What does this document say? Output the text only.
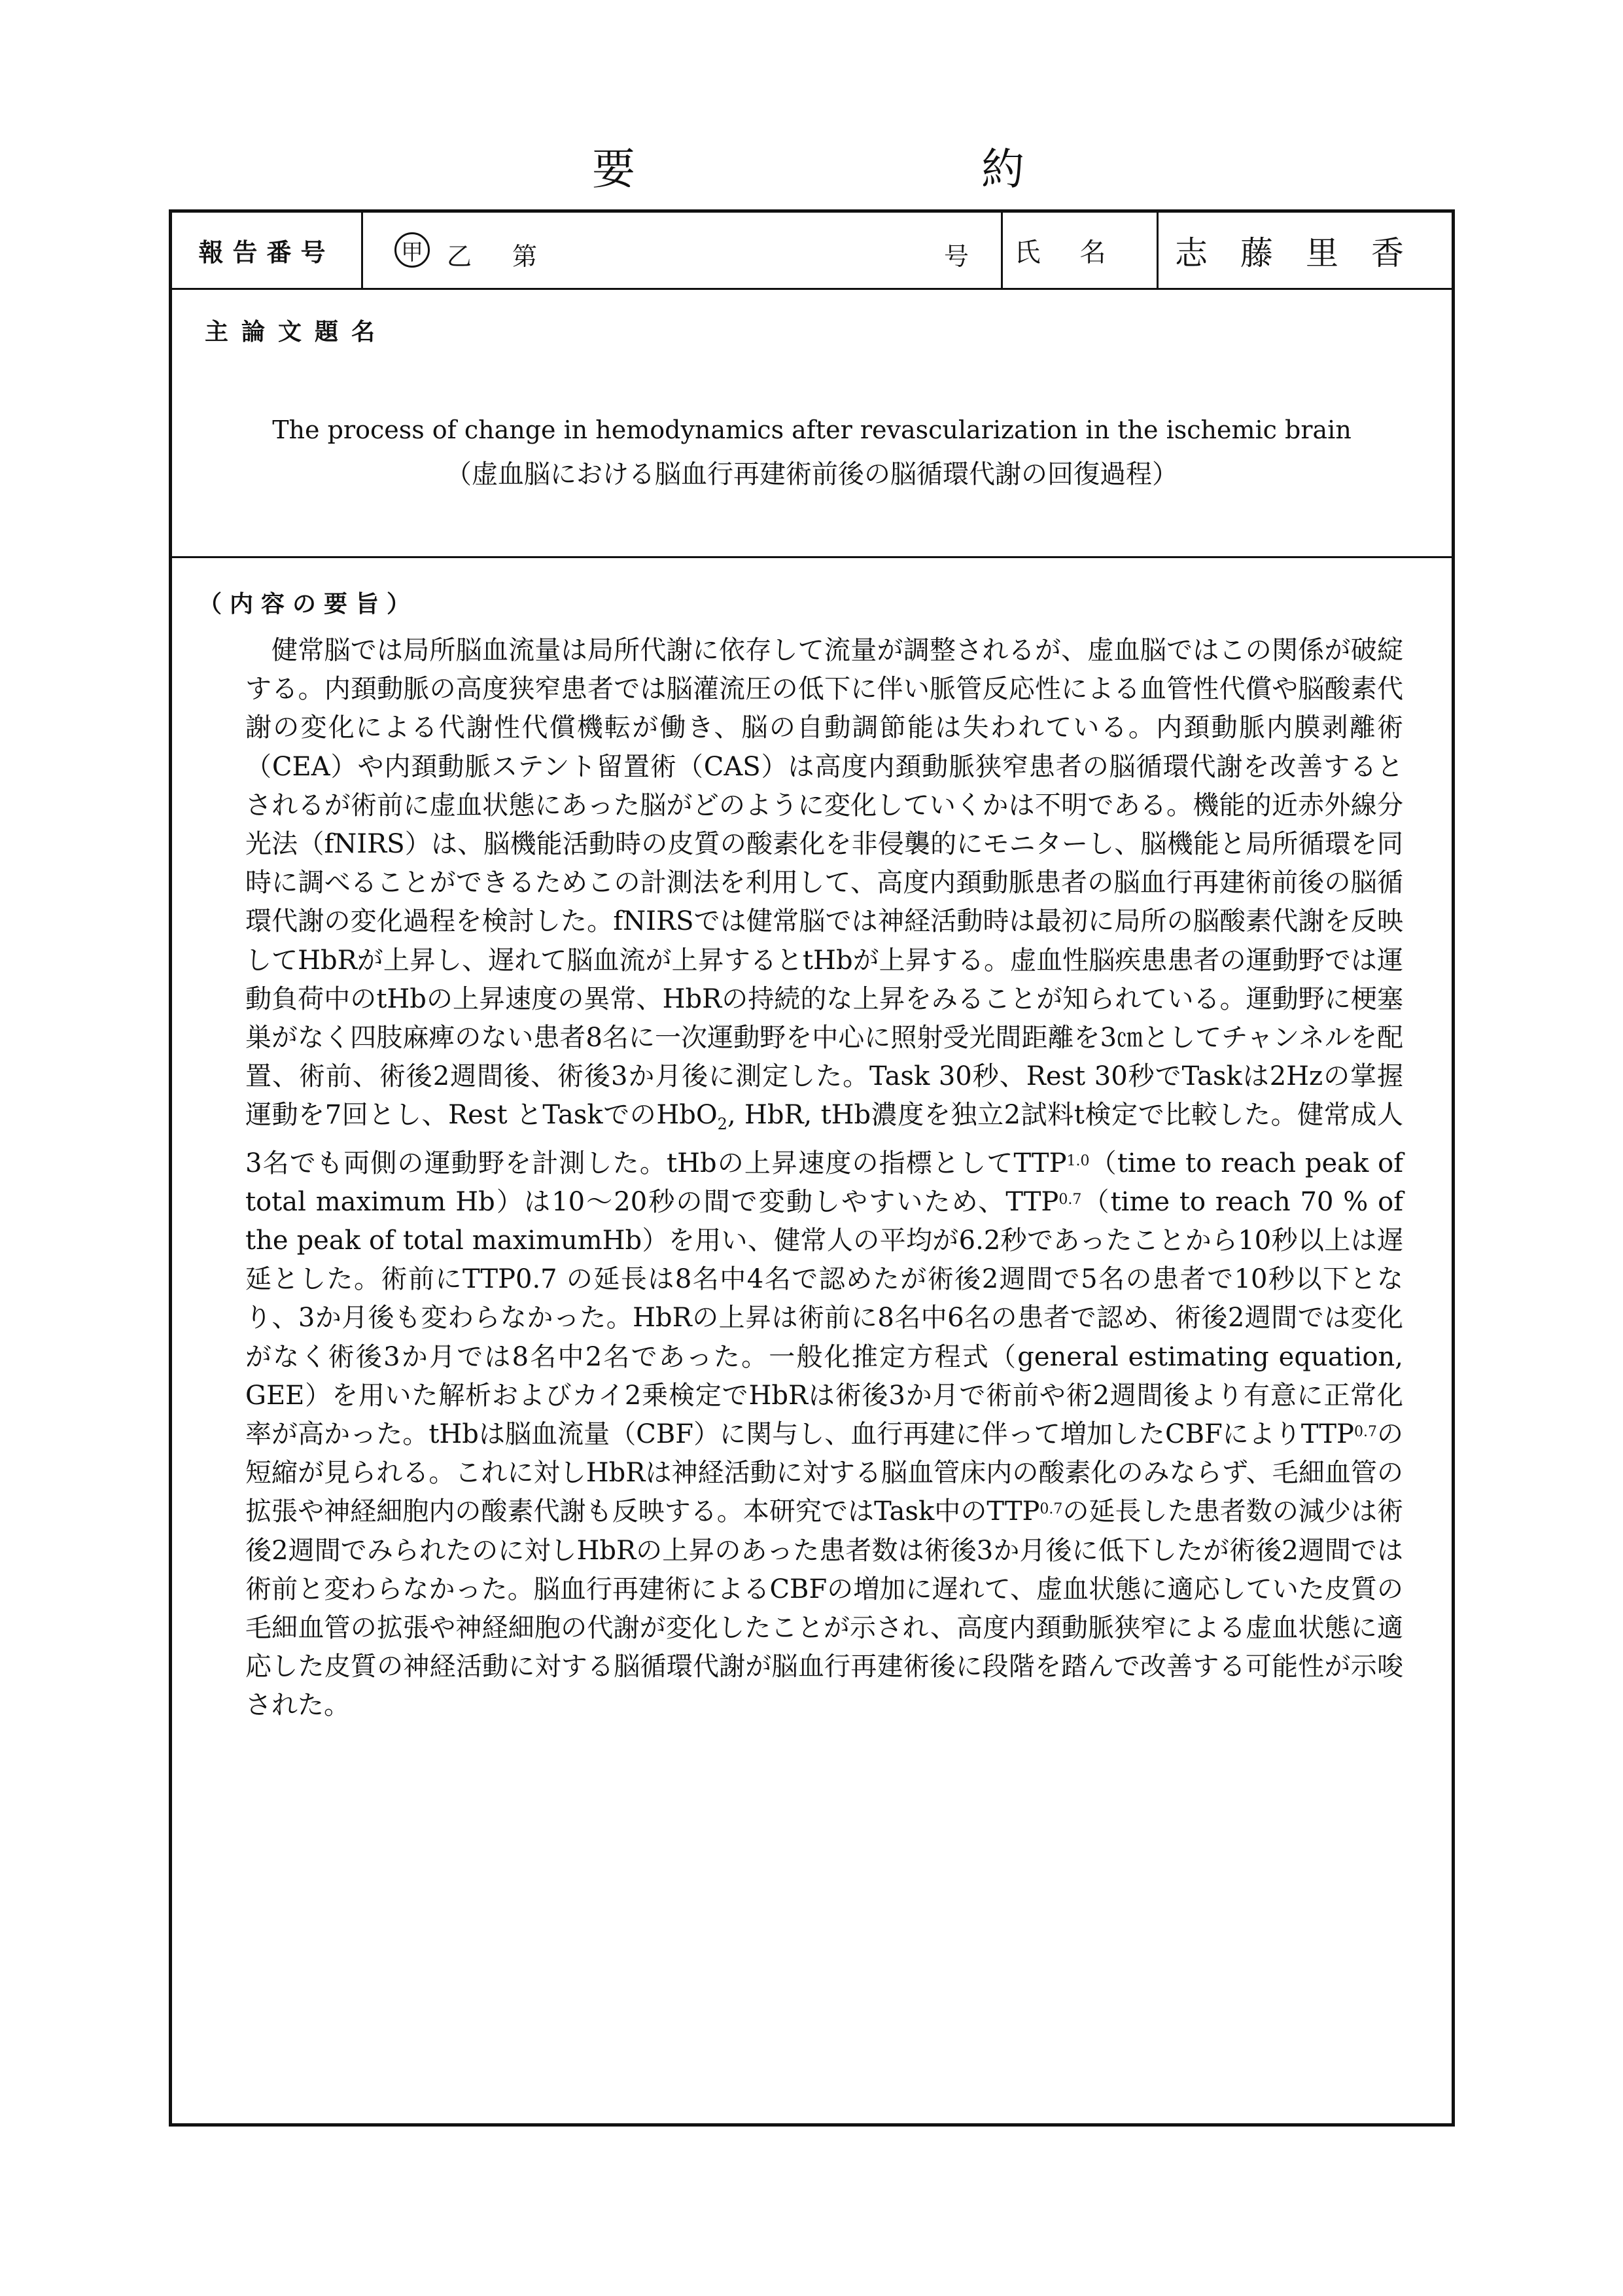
要	約
報告番号	甲 乙 第	号	氏名 志藤里香
主論文題名
The process of change in hemodynamics after revascularization in the ischemic brain
（虚血脳における脳血行再建術前後の脳循環代謝の回復過程）
（内容の要旨）

健常脳では局所脳血流量は局所代謝に依存して流量が調整されるが、虚血脳ではこの関係が破綻する。内頚動脈の高度狭窄患者では脳灌流圧の低下に伴い脈管反応性による血管性代償や脳酸素代謝の変化による代謝性代償機転が働き、脳の自動調節能は失われている。内頚動脈内膜剥離術（CEA）や内頚動脈ステント留置術（CAS）は高度内頚動脈狭窄患者の脳循環代謝を改善するとされるが術前に虚血状態にあった脳がどのように変化していくかは不明である。機能的近赤外線分光法（fNIRS）は、脳機能活動時の皮質の酸素化を非侵襲的にモニターし、脳機能と局所循環を同時に調べることができるためこの計測法を利用して、高度内頚動脈患者の脳血行再建術前後の脳循環代謝の変化過程を検討した。fNIRSでは健常脳では神経活動時は最初に局所の脳酸素代謝を反映してHbRが上昇し、遅れて脳血流が上昇するとtHbが上昇する。虚血性脳疾患患者の運動野では運動負荷中のtHbの上昇速度の異常、HbRの持続的な上昇をみることが知られている。運動野に梗塞巣がなく四肢麻痺のない患者8名に一次運動野を中心に照射受光間距離を3㎝としてチャンネルを配置、術前、術後2週間後、術後3か月後に測定した。Task 30秒、Rest 30秒でTaskは2Hzの掌握運動を7回とし、Rest とTaskでのHbO$_2$, HbR, tHb濃度を独立2試料t検定で比較した。健常成人3名でも両側の運動野を計測した。tHbの上昇速度の指標として$TTP^{1.0}(time$ to reach peak of total maximum Hb）は10～20秒の間で変動しやすいため、$TTP^{0.7}(time$ to reach 70 % of the peak of total maximumHb）を用い、健常人の平均が6.2秒であったことから10秒以上は遅延とした。術前にTTP0.7 の延長は8名中4名で認めたが術後2週間で5名の患者で10秒以下となり、3か月後も変わらなかった。HbRの上昇は術前に8名中6名の患者で認め、術後2週間では変化がなく術後3か月では8名中2名であった。一般化推定方程式（general estimating equation, GEE）を用いた解析およびカイ2乗検定でHbRは術後3か月で術前や術2週間後より有意に正常化率が高かった。tHbは脳血流量（CBF）に関与し、血行再建に伴って増加したCBFにより$TTP^{0.7}$の短縮が見られる。これに対しHbRは神経活動に対する脳血管床内の酸素化のみならず、毛細血管の拡張や神経細胞内の酸素代謝も反映する。本研究ではTask中の$TTP^{0.7}$の延長した患者数の減少は術後2週間でみられたのに対しHbRの上昇のあった患者数は術後3か月後に低下したが術後2週間では術前と変わらなかった。脳血行再建術によるCBFの増加に遅れて、虚血状態に適応していた皮質の毛細血管の拡張や神経細胞の代謝が変化したことが示され、高度内頚動脈狭窄による虚血状態に適応した皮質の神経活動に対する脳循環代謝が脳血行再建術後に段階を踏んで改善する可能性が示唆された。
